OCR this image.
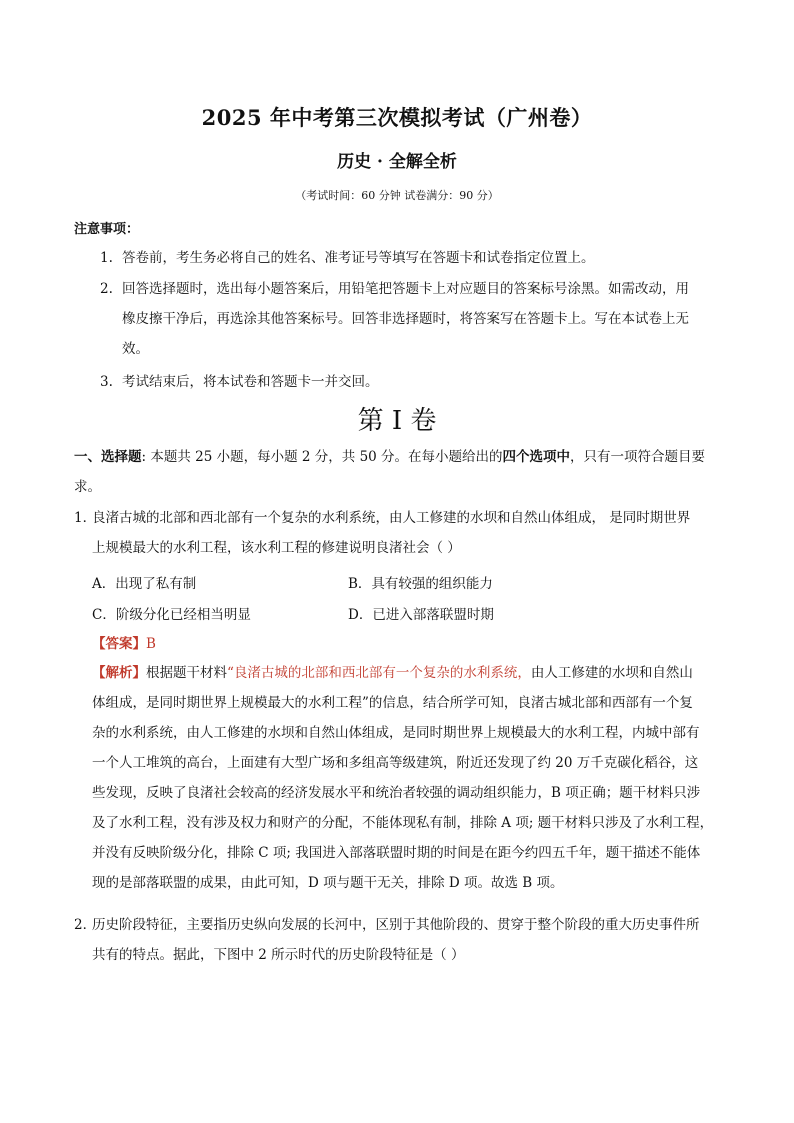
2025 年中考第三次模拟考试（广州卷）
历史 · 全解全析
（考试时间：60 分钟 试卷满分：90 分）
注意事项：
1. 答卷前，考生务必将自己的姓名、准考证号等填写在答题卡和试卷指定位置上。
2. 回答选择题时，选出每小题答案后，用铅笔把答题卡上对应题目的答案标号涂黑。如需改动，用
橡皮擦干净后，再选涂其他答案标号。回答非选择题时，将答案写在答题卡上。写在本试卷上无
效。
3. 考试结束后，将本试卷和答题卡一并交回。
第 I 卷
一、选择题: 本题共 25 小题，每小题 2 分，共 50 分。在每小题给出的四个选项中，只有一项符合题目要
求。
1．良渚古城的北部和西北部有一个复杂的水利系统，由人工修建的水坝和自然山体组成， 是同时期世界
上规模最大的水利工程，该水利工程的修建说明良渚社会（ ）
A．出现了私有制	B．具有较强的组织能力
C．阶级分化已经相当明显	D．已进入部落联盟时期
【答案】B
【解析】根据题干材料“良渚古城的北部和西北部有一个复杂的水利系统，由人工修建的水坝和自然山
体组成，是同时期世界上规模最大的水利工程”的信息，结合所学可知，良渚古城北部和西部有一个复
杂的水利系统，由人工修建的水坝和自然山体组成，是同时期世界上规模最大的水利工程，内城中部有
一个人工堆筑的高台，上面建有大型广场和多组高等级建筑，附近还发现了约 20 万千克碳化稻谷，这
些发现，反映了良渚社会较高的经济发展水平和统治者较强的调动组织能力，B 项正确；题干材料只涉
及了水利工程，没有涉及权力和财产的分配，不能体现私有制，排除 A 项; 题干材料只涉及了水利工程，
并没有反映阶级分化，排除 C 项; 我国进入部落联盟时期的时间是在距今约四五千年，题干描述不能体
现的是部落联盟的成果，由此可知，D 项与题干无关，排除 D 项。故选 B 项。
2．历史阶段特征，主要指历史纵向发展的长河中，区别于其他阶段的、贯穿于整个阶段的重大历史事件所
共有的特点。据此，下图中 2 所示时代的历史阶段特征是（ ）
